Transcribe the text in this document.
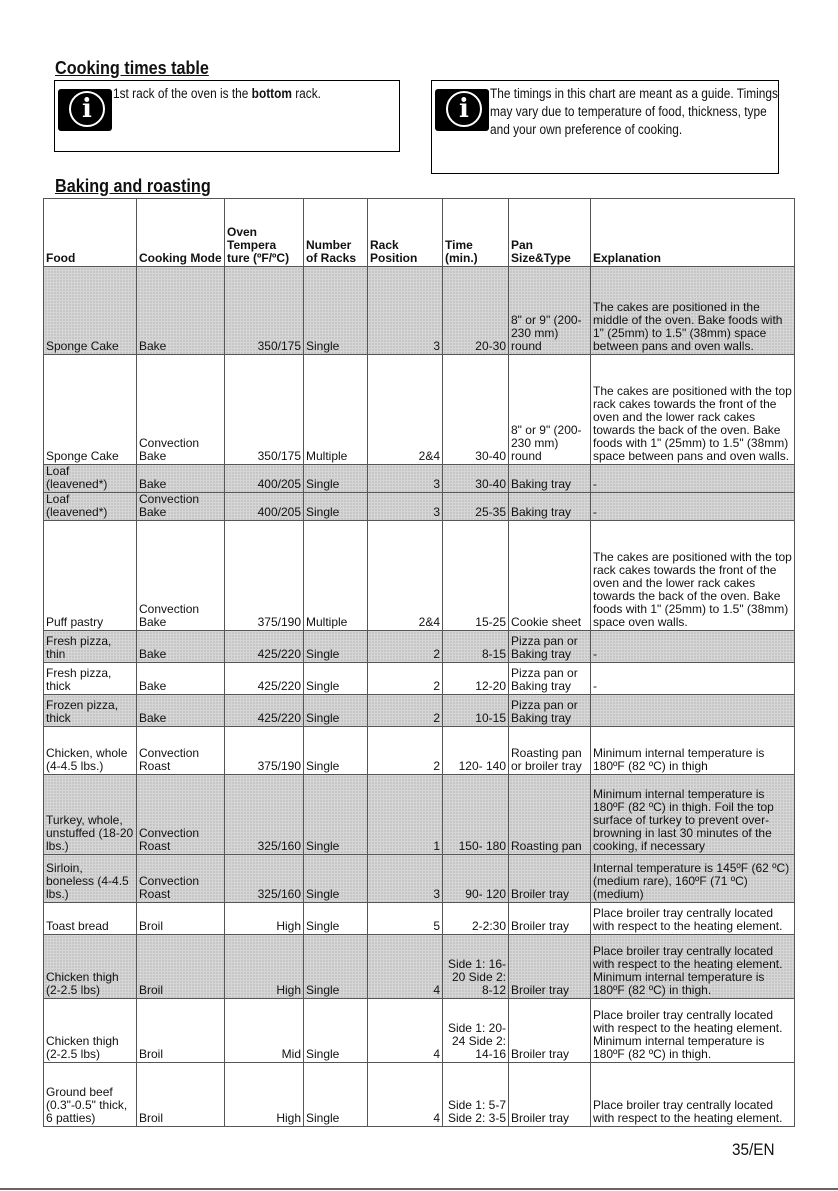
Cooking times table
i
1st rack of the oven is the bottom rack.
i
The timings in this chart are meant as a guide. Timings may vary due to temperature of food, thickness, type and your own preference of cooking.
Baking and roasting
Food	Cooking Mode	Oven Tempera ture (ºF/ºC)	Number of Racks	Rack Position	Time (min.)	Pan Size&Type	Explanation
Sponge Cake	Bake	350/175	Single	3	20-30	8" or 9" (200-230 mm) round	The cakes are positioned in the middle of the oven. Bake foods with 1" (25mm) to 1.5" (38mm) space between pans and oven walls.
Sponge Cake	Convection Bake	350/175	Multiple	2&4	30-40	8" or 9" (200-230 mm) round	The cakes are positioned with the top rack cakes towards the front of the oven and the lower rack cakes towards the back of the oven. Bake foods with 1" (25mm) to 1.5" (38mm) space between pans and oven walls.
Loaf (leavened*)	Bake	400/205	Single	3	30-40	Baking tray	-
Loaf (leavened*)	Convection Bake	400/205	Single	3	25-35	Baking tray	-
Puff pastry	Convection Bake	375/190	Multiple	2&4	15-25	Cookie sheet	The cakes are positioned with the top rack cakes towards the front of the oven and the lower rack cakes towards the back of the oven. Bake foods with 1" (25mm) to 1.5" (38mm) space oven walls.
Fresh pizza, thin	Bake	425/220	Single	2	8-15	Pizza pan or Baking tray	-
Fresh pizza, thick	Bake	425/220	Single	2	12-20	Pizza pan or Baking tray	-
Frozen pizza, thick	Bake	425/220	Single	2	10-15	Pizza pan or Baking tray	
Chicken, whole (4-4.5 lbs.)	Convection Roast	375/190	Single	2	120- 140	Roasting pan or broiler tray	Minimum internal temperature is 180ºF (82 ºC) in thigh
Turkey, whole, unstuffed (18-20 lbs.)	Convection Roast	325/160	Single	1	150- 180	Roasting pan	Minimum internal temperature is 180ºF (82 ºC) in thigh. Foil the top surface of turkey to prevent over-browning in last 30 minutes of the cooking, if necessary
Sirloin, boneless (4-4.5 lbs.)	Convection Roast	325/160	Single	3	90- 120	Broiler tray	Internal temperature is 145ºF (62 ºC) (medium rare), 160ºF (71 ºC) (medium)
Toast bread	Broil	High	Single	5	2-2:30	Broiler tray	Place broiler tray centrally located with respect to the heating element.
Chicken thigh (2-2.5 lbs)	Broil	High	Single	4	Side 1: 16-20 Side 2: 8-12	Broiler tray	Place broiler tray centrally located with respect to the heating element. Minimum internal temperature is 180ºF (82 ºC) in thigh.
Chicken thigh (2-2.5 lbs)	Broil	Mid	Single	4	Side 1: 20-24 Side 2: 14-16	Broiler tray	Place broiler tray centrally located with respect to the heating element. Minimum internal temperature is 180ºF (82 ºC) in thigh.
Ground beef (0.3"-0.5" thick, 6 patties)	Broil	High	Single	4	Side 1: 5-7 Side 2: 3-5	Broiler tray	Place broiler tray centrally located with respect to the heating element.
35/EN
